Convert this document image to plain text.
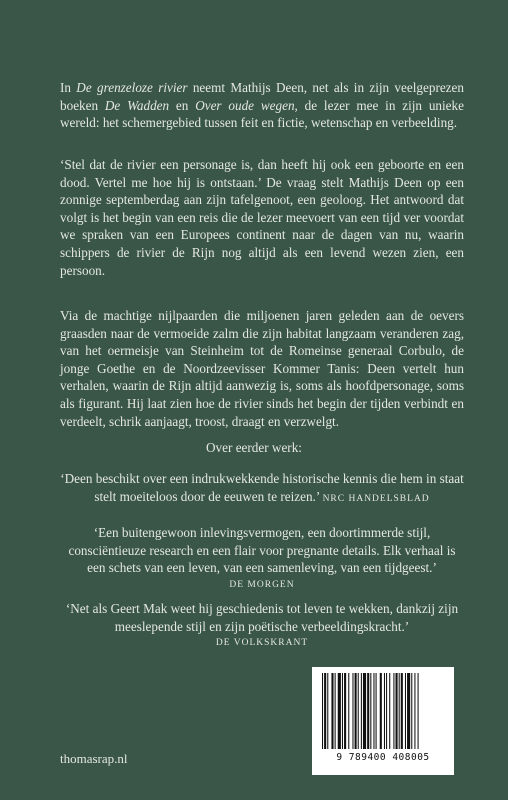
In De grenzeloze rivier neemt Mathijs Deen, net als in zijn veelgeprezen boeken De Wadden en Over oude wegen, de lezer mee in zijn unieke wereld: het schemergebied tussen feit en fictie, wetenschap en verbeelding.

‘Stel dat de rivier een personage is, dan heeft hij ook een geboorte en een dood. Vertel me hoe hij is ontstaan.’ De vraag stelt Mathijs Deen op een zonnige septemberdag aan zijn tafelgenoot, een geoloog. Het antwoord dat volgt is het begin van een reis die de lezer meevoert van een tijd ver voordat we spraken van een Europees continent naar de dagen van nu, waarin schippers de rivier de Rijn nog altijd als een levend wezen zien, een persoon.

Via de machtige nijlpaarden die miljoenen jaren geleden aan de oevers graasden naar de vermoeide zalm die zijn habitat langzaam veranderen zag, van het oermeisje van Steinheim tot de Romeinse generaal Corbulo, de jonge Goethe en de Noordzeevisser Kommer Tanis: Deen vertelt hun verhalen, waarin de Rijn altijd aanwezig is, soms als hoofdpersonage, soms als figurant. Hij laat zien hoe de rivier sinds het begin der tijden verbindt en verdeelt, schrik aanjaagt, troost, draagt en verzwelgt.

Over eerder werk:
‘Deen beschikt over een indrukwekkende historische kennis die hem in staat stelt moeiteloos door de eeuwen te reizen.’ NRC HANDELSBLAD
‘Een buitengewoon inlevingsvermogen, een doortimmerde stijl, consciëntieuze research en een flair voor pregnante details. Elk verhaal is een schets van een leven, van een samenleving, van een tijdgeest.’
DE MORGEN
‘Net als Geert Mak weet hij geschiedenis tot leven te wekken, dankzij zijn meeslepende stijl en zijn poëtische verbeeldingskracht.’
DE VOLKSKRANT
thomasrap.nl	9 789400 408005
